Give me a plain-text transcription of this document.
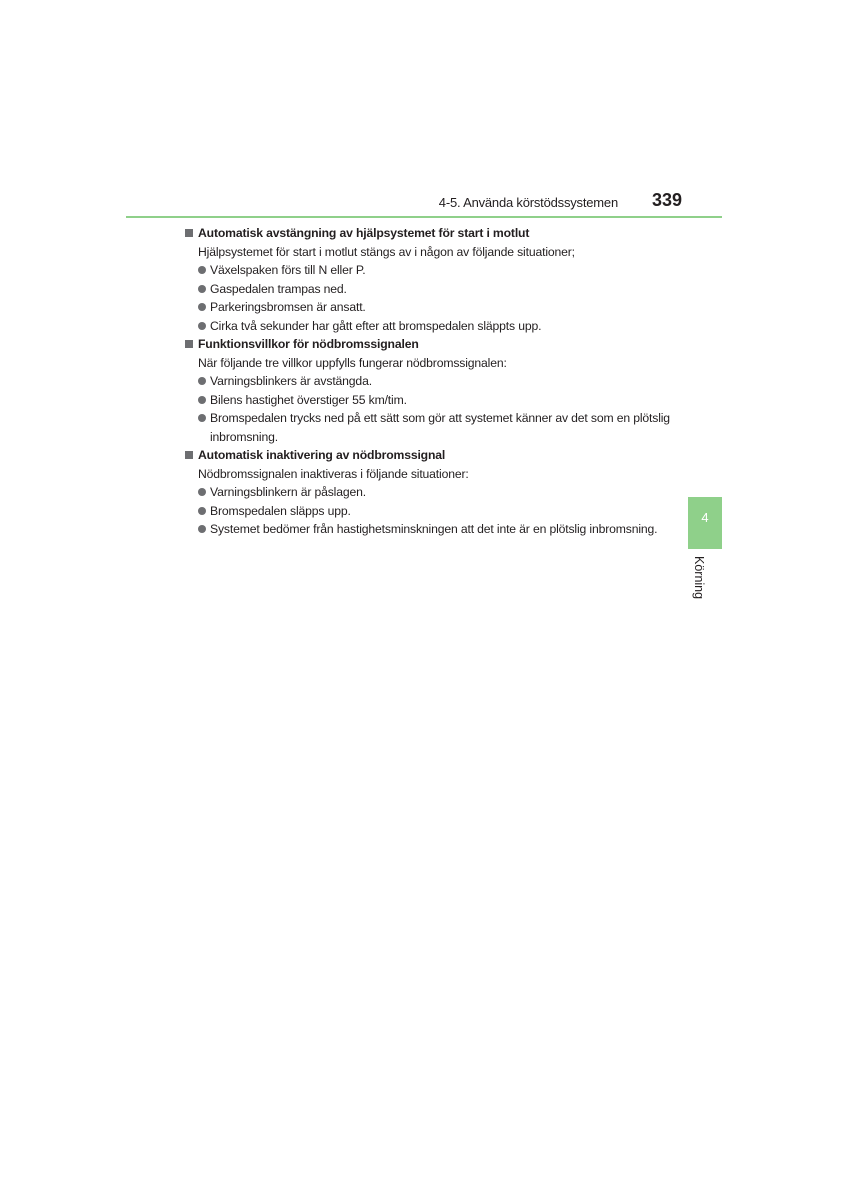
4-5. Använda körstödssystemen 339
Automatisk avstängning av hjälpsystemet för start i motlut
Hjälpsystemet för start i motlut stängs av i någon av följande situationer;
Växelspaken förs till N eller P.
Gaspedalen trampas ned.
Parkeringsbromsen är ansatt.
Cirka två sekunder har gått efter att bromspedalen släppts upp.
Funktionsvillkor för nödbromssignalen
När följande tre villkor uppfylls fungerar nödbromssignalen:
Varningsblinkers är avstängda.
Bilens hastighet överstiger 55 km/tim.
Bromspedalen trycks ned på ett sätt som gör att systemet känner av det som en plötslig inbromsning.
Automatisk inaktivering av nödbromssignal
Nödbromssignalen inaktiveras i följande situationer:
Varningsblinkern är påslagen.
Bromspedalen släpps upp.
Systemet bedömer från hastighetsminskningen att det inte är en plötslig inbromsning.
4
Körning
